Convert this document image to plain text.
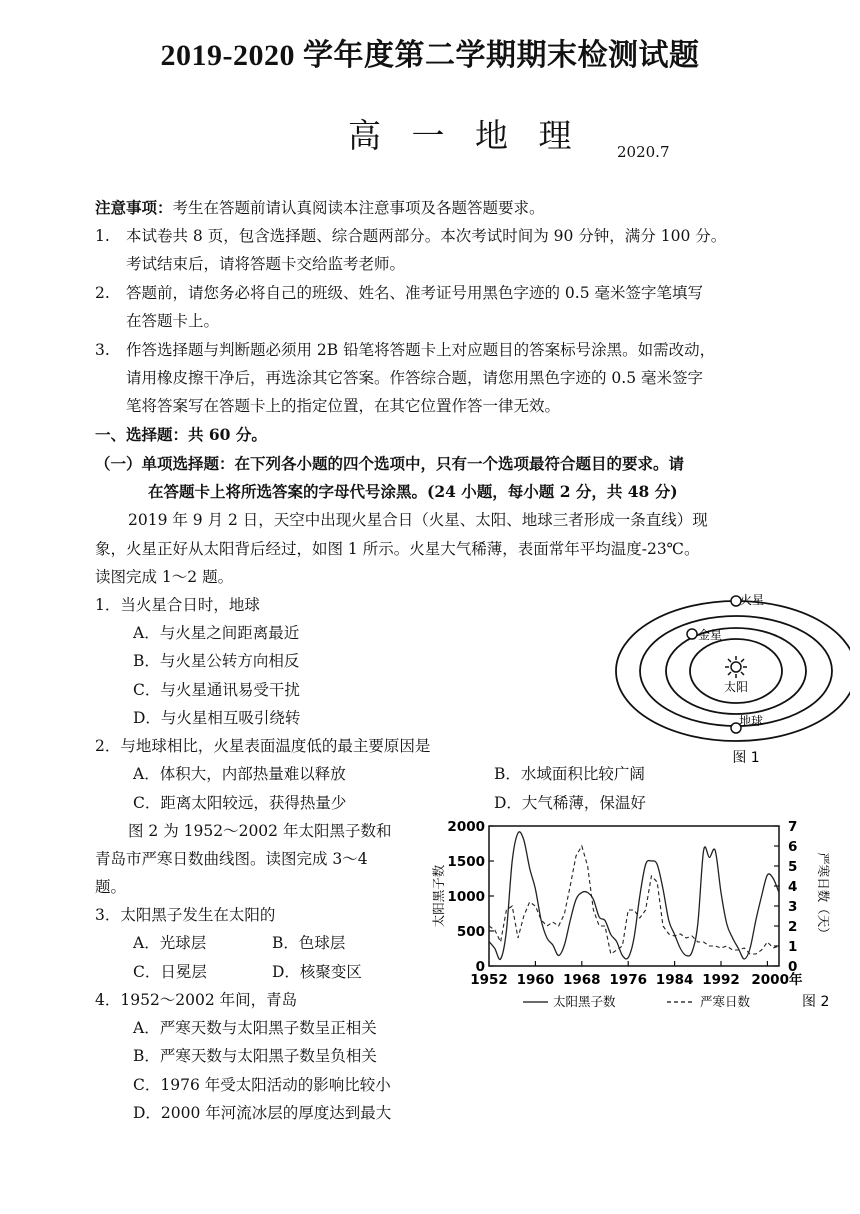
2019-2020 学年度第二学期期末检测试题
高 一 地 理 2020.7
注意事项：考生在答题前请认真阅读本注意事项及各题答题要求。
1. 本试卷共 8 页，包含选择题、综合题两部分。本次考试时间为 90 分钟，满分 100 分。
考试结束后，请将答题卡交给监考老师。
2. 答题前，请您务必将自己的班级、姓名、准考证号用黑色字迹的 0.5 毫米签字笔填写
在答题卡上。
3. 作答选择题与判断题必须用 2B 铅笔将答题卡上对应题目的答案标号涂黑。如需改动，
请用橡皮擦干净后，再选涂其它答案。作答综合题，请您用黑色字迹的 0.5 毫米签字
笔将答案写在答题卡上的指定位置，在其它位置作答一律无效。
一、选择题：共 60 分。
（一）单项选择题：在下列各小题的四个选项中，只有一个选项最符合题目的要求。请
在答题卡上将所选答案的字母代号涂黑。(24 小题，每小题 2 分，共 48 分)
2019 年 9 月 2 日，天空中出现火星合日（火星、太阳、地球三者形成一条直线）现
象，火星正好从太阳背后经过，如图 1 所示。火星大气稀薄，表面常年平均温度-23℃。
读图完成 1～2 题。
1．当火星合日时，地球
A．与火星之间距离最近
B．与火星公转方向相反
C．与火星通讯易受干扰
D．与火星相互吸引绕转
2．与地球相比，火星表面温度低的最主要原因是
A．体积大，内部热量难以释放	B．水域面积比较广阔
C．距离太阳较远，获得热量少	D．大气稀薄，保温好
图 2 为 1952～2002 年太阳黑子数和
青岛市严寒日数曲线图。读图完成 3～4
题。
3．太阳黑子发生在太阳的
A．光球层	B．色球层
C．日冕层	D．核聚变区
4．1952～2002 年间，青岛
A．严寒天数与太阳黑子数呈正相关
B．严寒天数与太阳黑子数呈负相关
C．1976 年受太阳活动的影响比较小
D．2000 年河流冰层的厚度达到最大
太阳
火星
金星
地球
图 1
0
500
1000
1500
2000
0
1
2
3
4
5
6
7
1952 1960 1968 1976 1984 1992 2000年
太阳黑子数	严寒日数（天）
太阳黑子数	严寒日数	图 2
